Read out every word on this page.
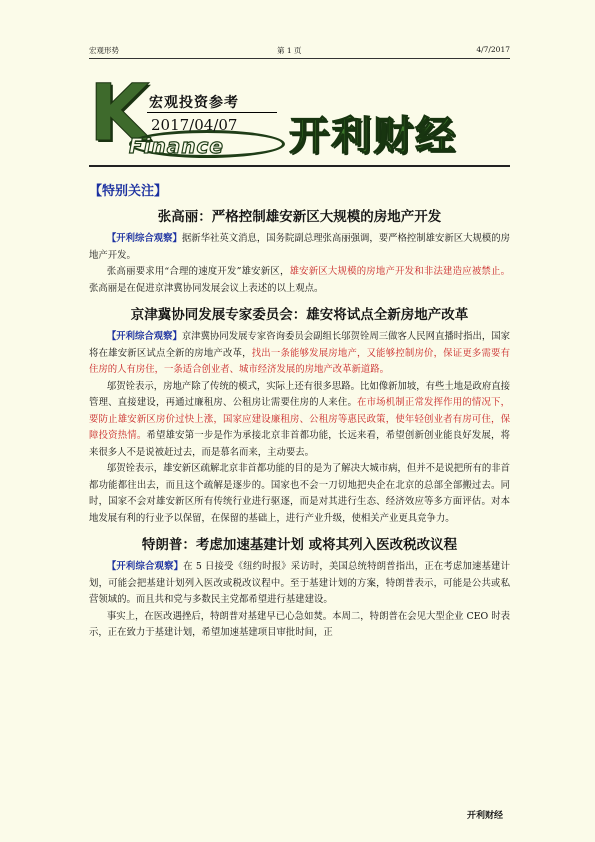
宏观形势	第 1 页	4/7/2017
K 宏观投资参考
2017/04/07
Finance 开利财经
【特别关注】
张高丽：严格控制雄安新区大规模的房地产开发

【开利综合观察】据新华社英文消息，国务院副总理张高丽强调，要严格控制雄安新区大规模的房地产开发。

张高丽要求用“合理的速度开发”雄安新区，雄安新区大规模的房地产开发和非法建造应被禁止。张高丽是在促进京津冀协同发展会议上表述的以上观点。

京津冀协同发展专家委员会：雄安将试点全新房地产改革

【开利综合观察】京津冀协同发展专家咨询委员会副组长邬贺铨周三做客人民网直播时指出，国家将在雄安新区试点全新的房地产改革，找出一条能够发展房地产，又能够控制房价，保证更多需要有住房的人有房住，一条适合创业者、城市经济发展的房地产改革新道路。

邬贺铨表示，房地产除了传统的模式，实际上还有很多思路。比如像新加坡，有些土地是政府直接管理、直接建设，再通过廉租房、公租房让需要住房的人来住。在市场机制正常发挥作用的情况下，要防止雄安新区房价过快上涨，国家应建设廉租房、公租房等惠民政策，使年轻创业者有房可住，保障投资热情。希望雄安第一步是作为承接北京非首都功能，长远来看，希望创新创业能良好发展，将来很多人不是说被赶过去，而是慕名而来，主动要去。

邬贺铨表示，雄安新区疏解北京非首都功能的目的是为了解决大城市病，但并不是说把所有的非首都功能都往出去，而且这个疏解是逐步的。国家也不会一刀切地把央企在北京的总部全部搬过去。同时，国家不会对雄安新区所有传统行业进行驱逐，而是对其进行生态、经济效应等多方面评估。对本地发展有利的行业予以保留，在保留的基础上，进行产业升级，使相关产业更具竞争力。

特朗普：考虑加速基建计划 或将其列入医改税改议程

【开利综合观察】在 5 日接受《纽约时报》采访时，美国总统特朗普指出，正在考虑加速基建计划，可能会把基建计划列入医改或税改议程中。至于基建计划的方案，特朗普表示，可能是公共或私营领域的。而且共和党与多数民主党都希望进行基建建设。

事实上，在医改遇挫后，特朗普对基建早已心急如焚。本周二，特朗普在会见大型企业 CEO 时表示，正在致力于基建计划，希望加速基建项目审批时间，正

开利财经
